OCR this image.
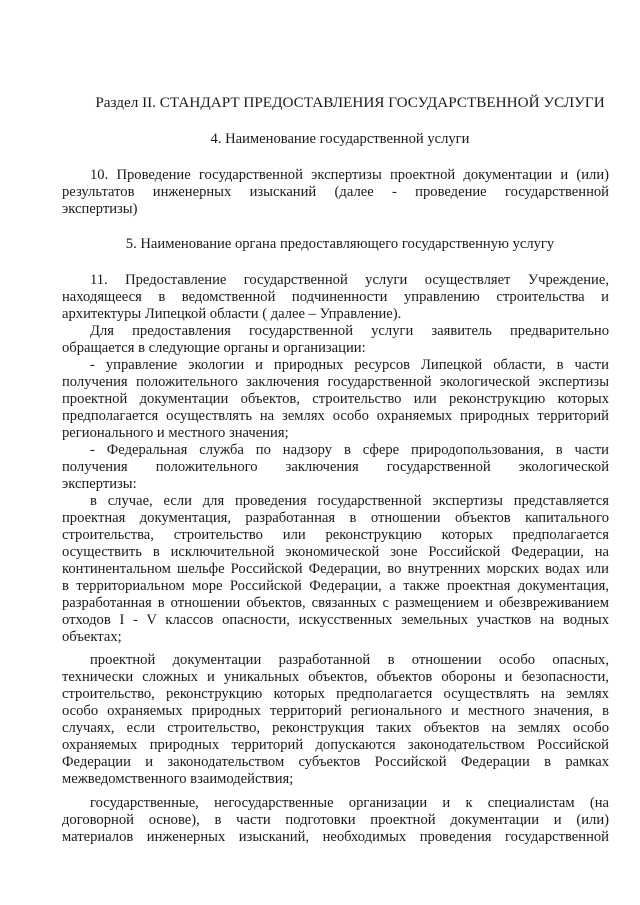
Раздел II. СТАНДАРТ ПРЕДОСТАВЛЕНИЯ ГОСУДАРСТВЕННОЙ УСЛУГИ
4. Наименование государственной услуги
10. Проведение государственной экспертизы проектной документации и (или)
результатов инженерных изысканий (далее - проведение государственной
экспертизы)
5. Наименование органа предоставляющего государственную услугу
11. Предоставление государственной услуги осуществляет Учреждение,
находящееся в ведомственной подчиненности управлению строительства и
архитектуры Липецкой области ( далее – Управление).
Для предоставления государственной услуги заявитель предварительно
обращается в следующие органы и организации:
- управление экологии и природных ресурсов Липецкой области, в части
получения положительного заключения государственной экологической экспертизы
проектной документации объектов, строительство или реконструкцию которых
предполагается осуществлять на землях особо охраняемых природных территорий
регионального и местного значения;
- Федеральная служба по надзору в сфере природопользования, в части
получения положительного заключения государственной экологической
экспертизы:
в случае, если для проведения государственной экспертизы представляется
проектная документация, разработанная в отношении объектов капитального
строительства, строительство или реконструкцию которых предполагается
осуществить в исключительной экономической зоне Российской Федерации, на
континентальном шельфе Российской Федерации, во внутренних морских водах или
в территориальном море Российской Федерации, а также проектная документация,
разработанная в отношении объектов, связанных с размещением и обезвреживанием
отходов I - V классов опасности, искусственных земельных участков на водных
объектах;
проектной документации разработанной в отношении особо опасных,
технически сложных и уникальных объектов, объектов обороны и безопасности,
строительство, реконструкцию которых предполагается осуществлять на землях
особо охраняемых природных территорий регионального и местного значения, в
случаях, если строительство, реконструкция таких объектов на землях особо
охраняемых природных территорий допускаются законодательством Российской
Федерации и законодательством субъектов Российской Федерации в рамках
межведомственного взаимодействия;
государственные, негосударственные организации и к специалистам (на
договорной основе), в части подготовки проектной документации и (или)
материалов инженерных изысканий, необходимых проведения государственной
